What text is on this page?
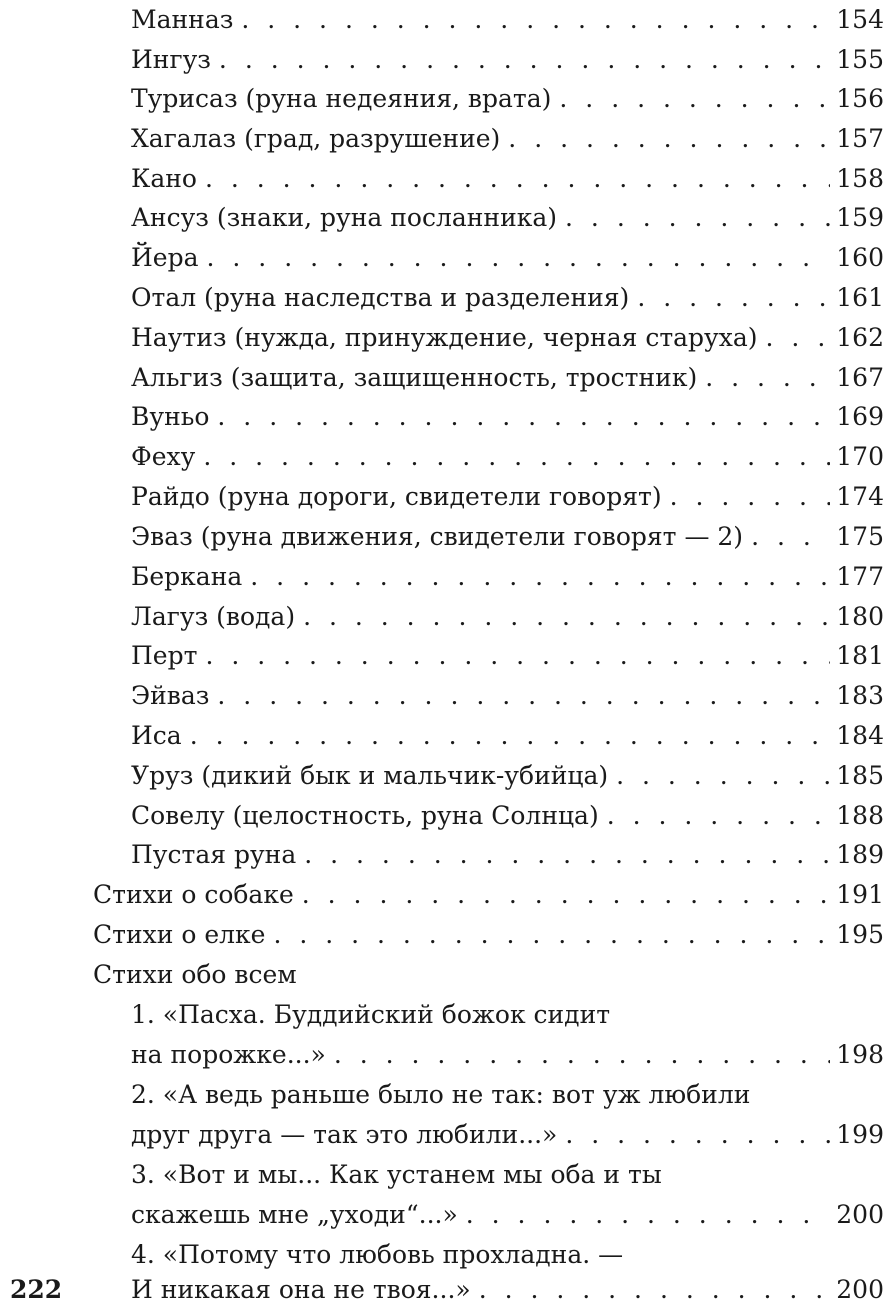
Манназ . . .	154
Ингуз . . .	155
Турисаз (руна недеяния, врата) . . .	156
Хагалаз (град, разрушение) . . .	157
Кано . . .	158
Ансуз (знаки, руна посланника) . . .	159
Йера . . .	160
Отал (руна наследства и разделения) . . .	161
Наутиз (нужда, принуждение, черная старуха) . . .	162
Альгиз (защита, защищенность, тростник) . . .	167
Вуньо . . .	169
Феху . . .	170
Райдо (руна дороги, свидетели говорят) . . .	174
Эваз (руна движения, свидетели говорят — 2) . . .	175
Беркана . . .	177
Лагуз (вода) . . .	180
Перт . . .	181
Эйваз . . .	183
Иса . . .	184
Уруз (дикий бык и мальчик-убийца) . . .	185
Совелу (целостность, руна Солнца) . . .	188
Пустая руна . . .	189
Стихи о собаке . . .	191
Стихи о елке . . .	195
Стихи обо всем
1. «Пасха. Буддийский божок сидит
на порожке...» . . .	198
2. «А ведь раньше было не так: вот уж любили
друг друга — так это любили...» . . .	199
3. «Вот и мы... Как устанем мы оба и ты
скажешь мне „уходи“...» . . .	200
4. «Потому что любовь прохладна. —
И никакая она не твоя...» . . .	200
222
